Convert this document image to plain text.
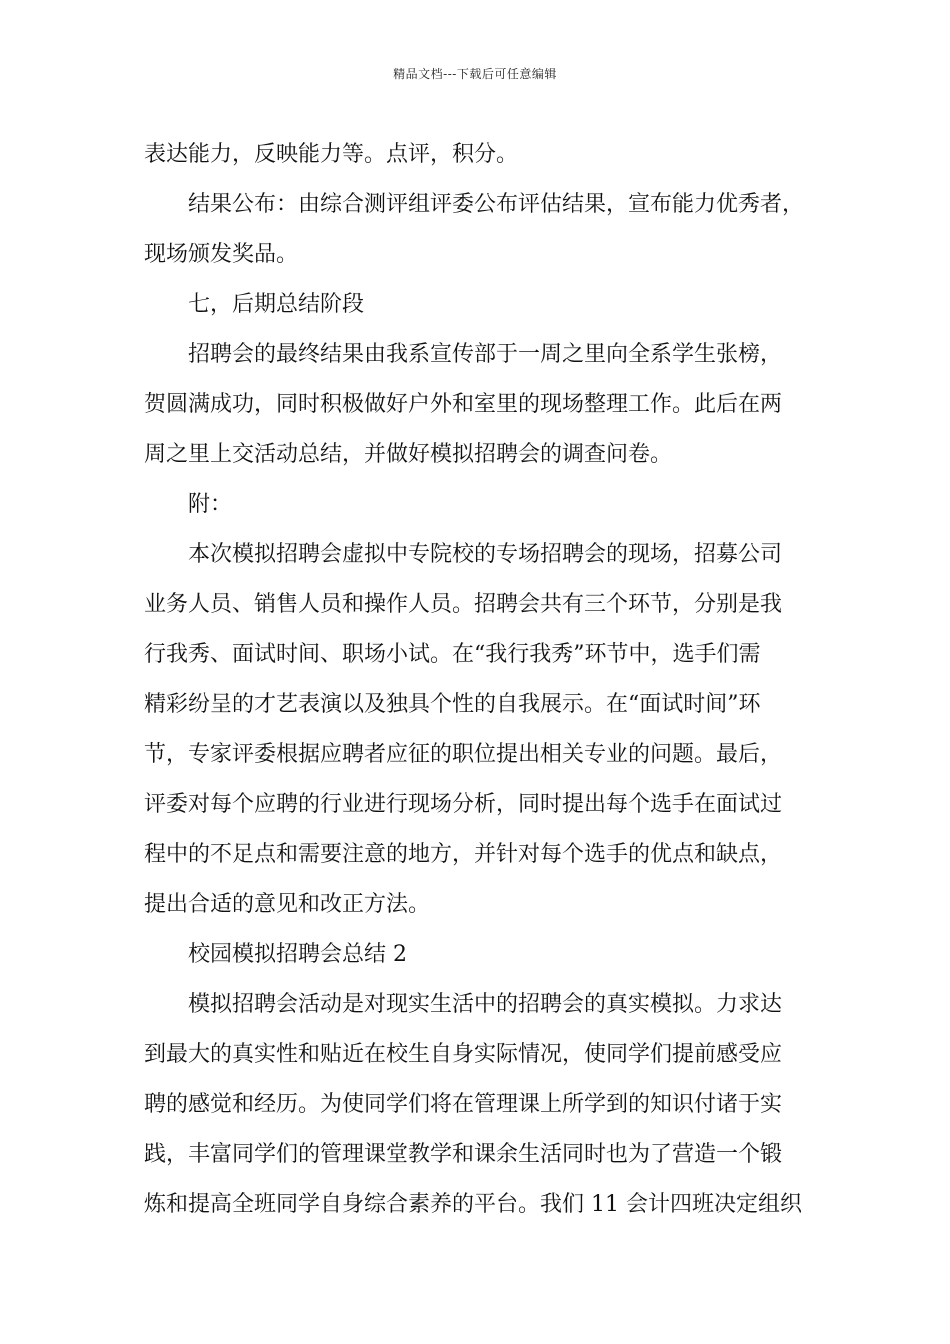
精品文档---下载后可任意编辑
表达能力，反映能力等。点评，积分。
结果公布：由综合测评组评委公布评估结果，宣布能力优秀者，
现场颁发奖品。
七，后期总结阶段
招聘会的最终结果由我系宣传部于一周之里向全系学生张榜，
贺圆满成功，同时积极做好户外和室里的现场整理工作。此后在两
周之里上交活动总结，并做好模拟招聘会的调查问卷。
附：
本次模拟招聘会虚拟中专院校的专场招聘会的现场，招募公司
业务人员、销售人员和操作人员。招聘会共有三个环节，分别是我
行我秀、面试时间、职场小试。在“我行我秀”环节中，选手们需
精彩纷呈的才艺表演以及独具个性的自我展示。在“面试时间”环
节，专家评委根据应聘者应征的职位提出相关专业的问题。最后，
评委对每个应聘的行业进行现场分析，同时提出每个选手在面试过
程中的不足点和需要注意的地方，并针对每个选手的优点和缺点，
提出合适的意见和改正方法。
校园模拟招聘会总结 2
模拟招聘会活动是对现实生活中的招聘会的真实模拟。力求达
到最大的真实性和贴近在校生自身实际情况，使同学们提前感受应
聘的感觉和经历。为使同学们将在管理课上所学到的知识付诸于实
践，丰富同学们的管理课堂教学和课余生活同时也为了营造一个锻
炼和提高全班同学自身综合素养的平台。我们 11 会计四班决定组织
